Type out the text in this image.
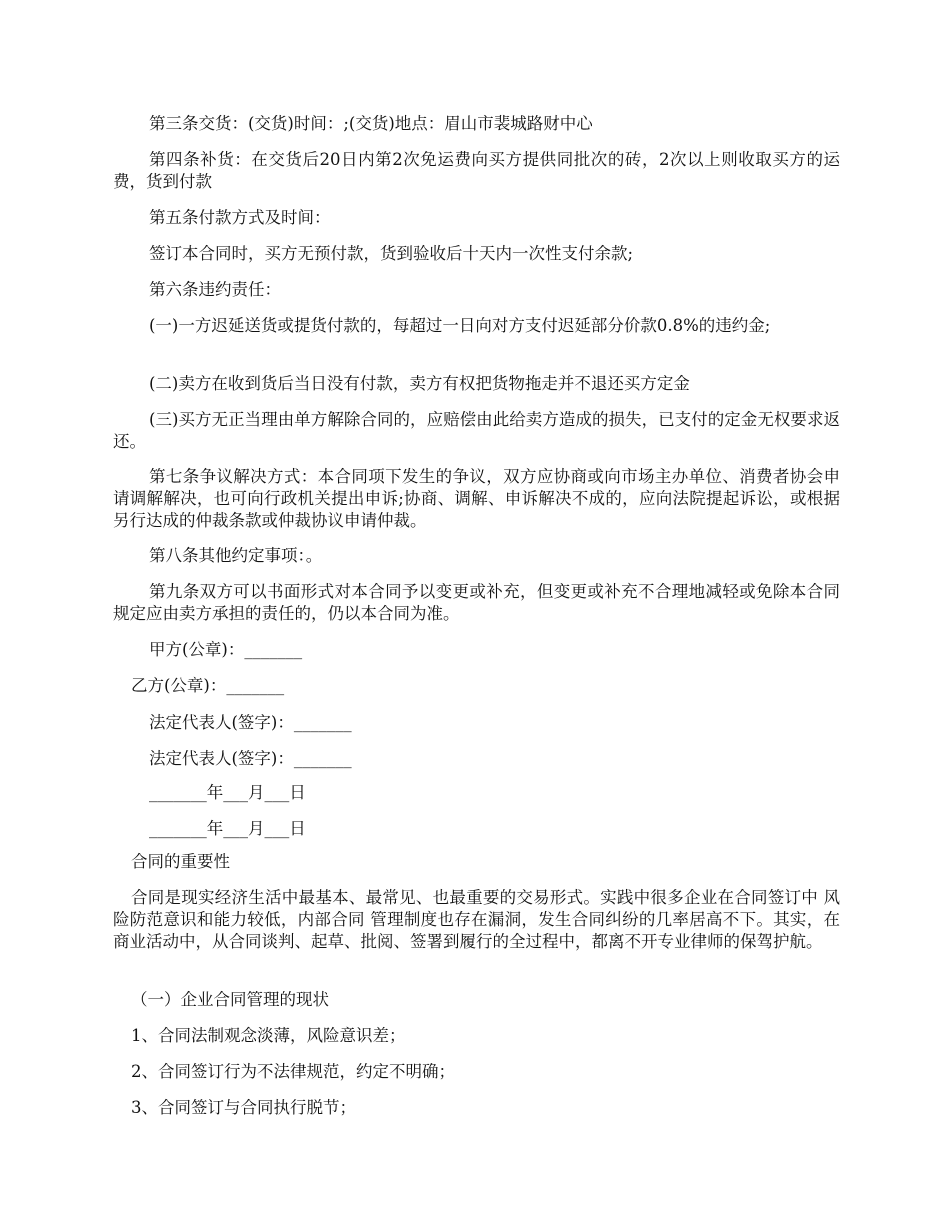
第三条交货：(交货)时间：;(交货)地点：眉山市裴城路财中心

第四条补货：在交货后20日内第2次免运费向买方提供同批次的砖，2次以上则收取买方的运费，货到付款

第五条付款方式及时间：

签订本合同时，买方无预付款，货到验收后十天内一次性支付余款;

第六条违约责任：

(一)一方迟延送货或提货付款的，每超过一日向对方支付迟延部分价款0.8%的违约金;

(二)卖方在收到货后当日没有付款，卖方有权把货物拖走并不退还买方定金

(三)买方无正当理由单方解除合同的，应赔偿由此给卖方造成的损失，已支付的定金无权要求返还。

第七条争议解决方式：本合同项下发生的争议，双方应协商或向市场主办单位、消费者协会申请调解解决，也可向行政机关提出申诉;协商、调解、申诉解决不成的，应向法院提起诉讼，或根据另行达成的仲裁条款或仲裁协议申请仲裁。

第八条其他约定事项：。

第九条双方可以书面形式对本合同予以变更或补充，但变更或补充不合理地减轻或免除本合同规定应由卖方承担的责任的，仍以本合同为准。

甲方(公章)：_______

乙方(公章)：_______

法定代表人(签字)：_______

法定代表人(签字)：_______

_______年___月___日

_______年___月___日

合同的重要性

合同是现实经济生活中最基本、最常见、也最重要的交易形式。实践中很多企业在合同签订中 风险防范意识和能力较低，内部合同 管理制度也存在漏洞，发生合同纠纷的几率居高不下。其实，在商业活动中，从合同谈判、起草、批阅、签署到履行的全过程中，都离不开专业律师的保驾护航。

（一）企业合同管理的现状

1、合同法制观念淡薄，风险意识差；

2、合同签订行为不法律规范，约定不明确；

3、合同签订与合同执行脱节；
